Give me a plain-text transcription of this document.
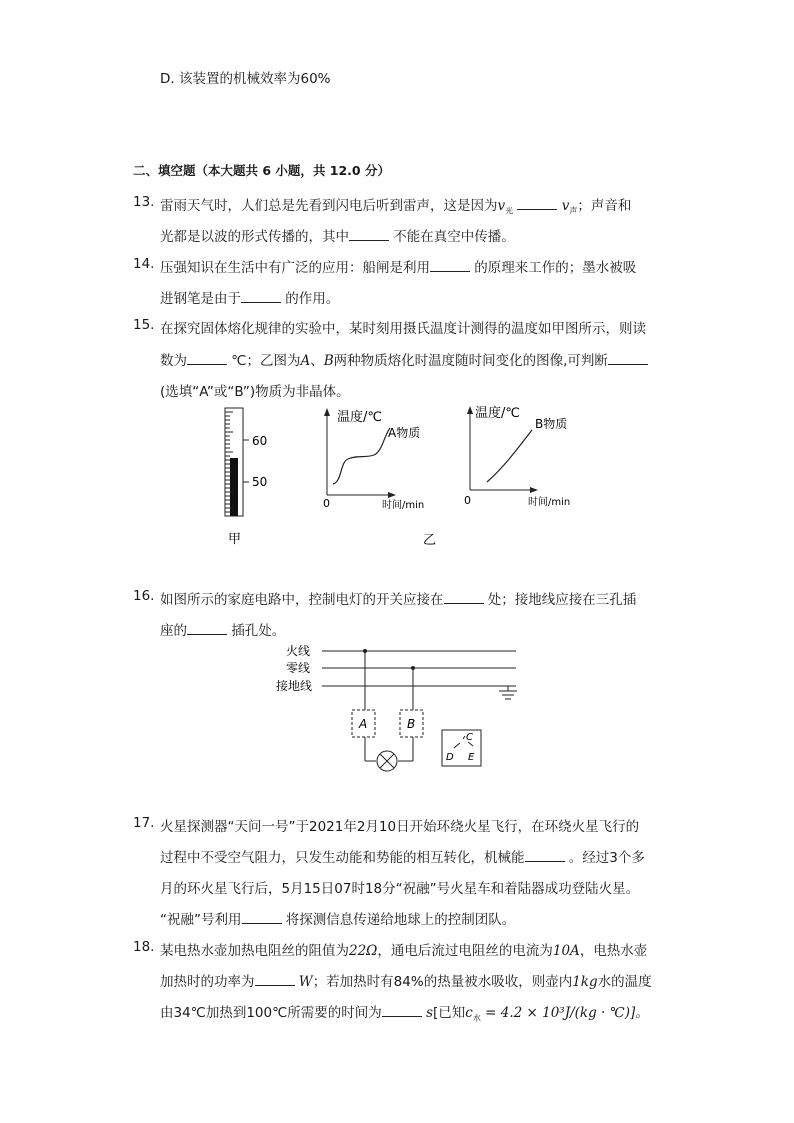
D. 该装置的机械效率为60%
二、填空题（本大题共 6 小题，共 12.0 分）
13. 雷雨天气时，人们总是先看到闪电后听到雷声，这是因为$v_光$	$v_声$；声音和
光都是以波的形式传播的，其中	不能在真空中传播。
14. 压强知识在生活中有广泛的应用：船闸是利用	的原理来工作的；墨水被吸
进钢笔是由于	的作用。
15. 在探究固体熔化规律的实验中，某时刻用摄氏温度计测得的温度如甲图所示，则读
数为	℃；乙图为A、B两种物质熔化时温度随时间变化的图像,可判断
(选填“A”或“B”)物质为非晶体。
60
50
温度/℃
A物质
0	时间/min
温度/℃
B物质
0	时间/min
甲	乙
16. 如图所示的家庭电路中，控制电灯的开关应接在	处；接地线应接在三孔插
座的	插孔处。
火线
零线
接地线
A	B
C
D E
17. 火星探测器“天问一号”于2021年2月10日开始环绕火星飞行，在环绕火星飞行的
过程中不受空气阻力，只发生动能和势能的相互转化，机械能	。经过3个多
月的环火星飞行后，5月15日07时18分“祝融”号火星车和着陆器成功登陆火星。
“祝融”号利用	将探测信息传递给地球上的控制团队。
18. 某电热水壶加热电阻丝的阻值为22Ω，通电后流过电阻丝的电流为10A，电热水壶
加热时的功率为	W；若加热时有84%的热量被水吸收，则壶内1kg水的温度
由34℃加热到100℃所需要的时间为	s[已知$c_水 = 4.2 \times 10^3J/(kg$ · ℃)]。
